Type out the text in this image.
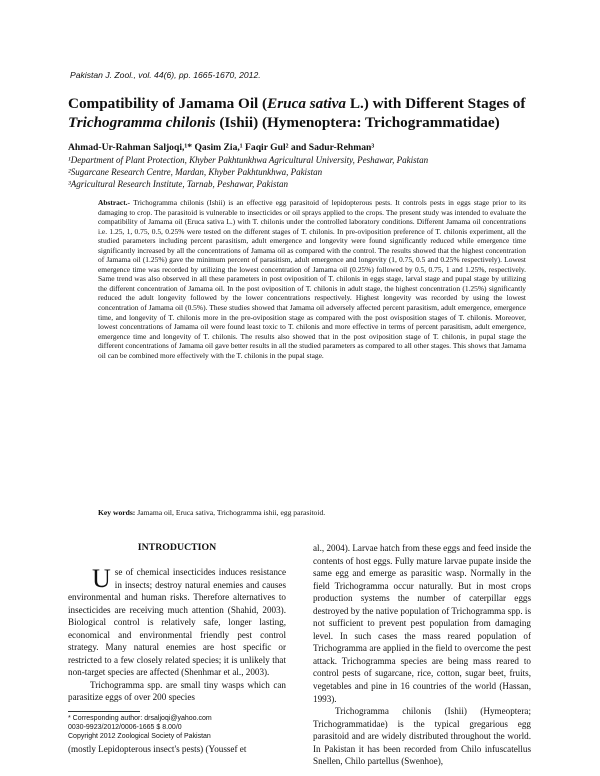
Pakistan J. Zool., vol. 44(6), pp. 1665-1670, 2012.
Compatibility of Jamama Oil (Eruca sativa L.) with Different Stages of
Trichogramma chilonis (Ishii) (Hymenoptera: Trichogrammatidae)
Ahmad-Ur-Rahman Saljoqi,¹* Qasim Zia,¹ Faqir Gul² and Sadur-Rehman³
¹Department of Plant Protection, Khyber Pakhtunkhwa Agricultural University, Peshawar, Pakistan
²Sugarcane Research Centre, Mardan, Khyber Pakhtunkhwa, Pakistan
³Agricultural Research Institute, Tarnab, Peshawar, Pakistan
Abstract.- Trichogramma chilonis (Ishii) is an effective egg parasitoid of lepidopterous pests. It controls pests in eggs stage prior to its damaging to crop. The parasitoid is vulnerable to insecticides or oil sprays applied to the crops. The present study was intended to evaluate the compatibility of Jamama oil (Eruca sativa L.) with T. chilonis under the controlled laboratory conditions. Different Jamama oil concentrations i.e. 1.25, 1, 0.75, 0.5, 0.25% were tested on the different stages of T. chilonis. In pre-oviposition preference of T. chilonis experiment, all the studied parameters including percent parasitism, adult emergence and longevity were found significantly reduced while emergence time significantly increased by all the concentrations of Jamama oil as compared with the control. The results showed that the highest concentration of Jamama oil (1.25%) gave the minimum percent of parasitism, adult emergence and longevity (1, 0.75, 0.5 and 0.25% respectively). Lowest emergence time was recorded by utilizing the lowest concentration of Jamama oil (0.25%) followed by 0.5, 0.75, 1 and 1.25%, respectively. Same trend was also observed in all these parameters in post oviposition of T. chilonis in eggs stage, larval stage and pupal stage by utilizing the different concentration of Jamama oil. In the post oviposition of T. chilonis in adult stage, the highest concentration (1.25%) significantly reduced the adult longevity followed by the lower concentrations respectively. Highest longevity was recorded by using the lowest concentration of Jamama oil (0.5%). These studies showed that Jamama oil adversely affected percent parasitism, adult emergence, emergence time, and longevity of T. chilonis more in the pre-oviposition stage as compared with the post ovisposition stages of T. chilonis. Moreover, lowest concentrations of Jamama oil were found least toxic to T. chilonis and more effective in terms of percent parasitism, adult emergence, emergence time and longevity of T. chilonis. The results also showed that in the post oviposition stage of T. chilonis, in pupal stage the different concentrations of Jamama oil gave better results in all the studied parameters as compared to all other stages. This shows that Jamama oil can be combined more effectively with the T. chilonis in the pupal stage.
Key words: Jamama oil, Eruca sativa, Trichogramma ishii, egg parasitoid.
INTRODUCTION

Use of chemical insecticides induces resistance in insects; destroy natural enemies and causes environmental and human risks. Therefore alternatives to insecticides are receiving much attention (Shahid, 2003). Biological control is relatively safe, longer lasting, economical and environmental friendly pest control strategy. Many natural enemies are host specific or restricted to a few closely related species; it is unlikely that non-target species are affected (Shenhmar et al., 2003).

Trichogramma spp. are small tiny wasps which can parasitize eggs of over 200 species

al., 2004). Larvae hatch from these eggs and feed inside the contents of host eggs. Fully mature larvae pupate inside the same egg and emerge as parasitic wasp. Normally in the field Trichogramma occur naturally. But in most crops production systems the number of caterpillar eggs destroyed by the native population of Trichogramma spp. is not sufficient to prevent pest population from damaging level. In such cases the mass reared population of Trichogramma are applied in the field to overcome the pest attack. Trichogramma species are being mass reared to control pests of sugarcane, rice, cotton, sugar beet, fruits, vegetables and pine in 16 countries of the world (Hassan, 1993).

Trichogramma chilonis (Ishii) (Hymeoptera; Trichogrammatidae) is the typical gregarious egg parasitoid and are widely distributed throughout the world. In Pakistan it has been recorded from Chilo infuscatellus Snellen, Chilo partellus (Swenhoe),

* Corresponding author: drsaljoqi@yahoo.com
0030-9923/2012/0006-1665 $ 8.00/0
Copyright 2012 Zoological Society of Pakistan
(mostly Lepidopterous insect's pests) (Youssef et
